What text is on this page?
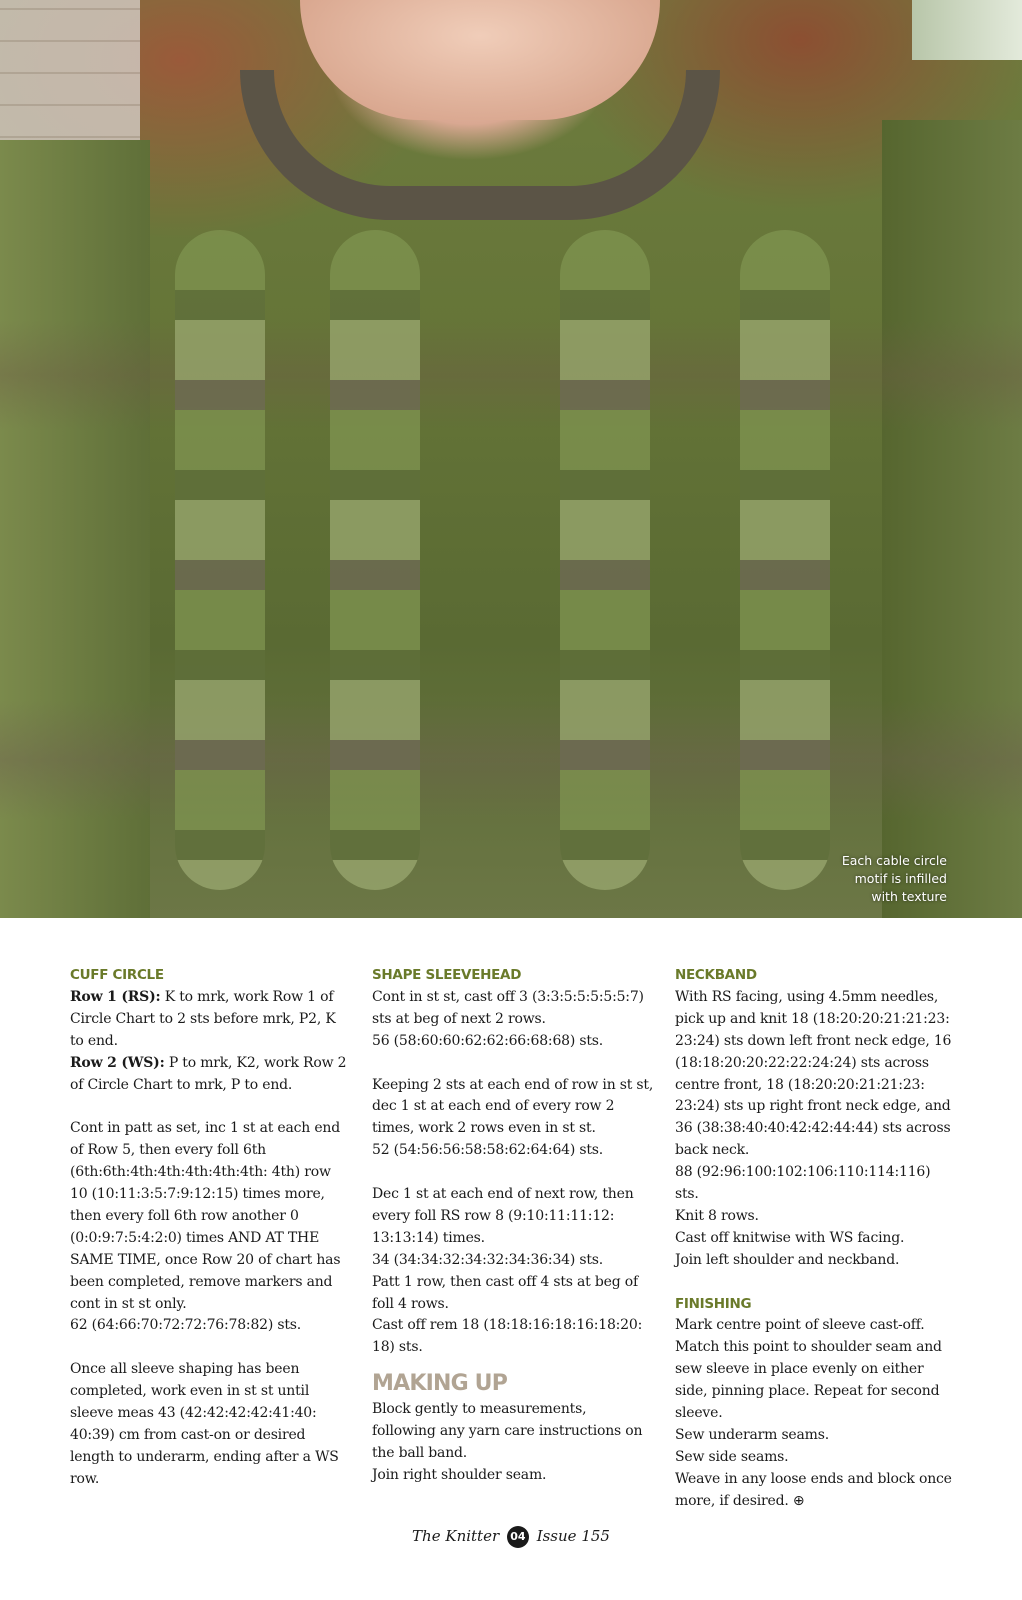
Each cable circle
motif is infilled
with texture

CUFF CIRCLE

Row 1 (RS): K to mrk, work Row 1 of Circle Chart to 2 sts before mrk, P2, K to end.

Row 2 (WS): P to mrk, K2, work Row 2 of Circle Chart to mrk, P to end.

Cont in patt as set, inc 1 st at each end of Row 5, then every foll 6th (6th:6th:4th:4th:4th:4th:4th: 4th) row 10 (10:11:3:5:7:9:12:15) times more, then every foll 6th row another 0 (0:0:9:7:5:4:2:0) times AND AT THE SAME TIME, once Row 20 of chart has been completed, remove markers and cont in st st only.
62 (64:66:70:72:72:76:78:82) sts.

Once all sleeve shaping has been completed, work even in st st until sleeve meas 43 (42:42:42:42:41:40: 40:39) cm from cast-on or desired length to underarm, ending after a WS row.

SHAPE SLEEVEHEAD

Cont in st st, cast off 3 (3:3:5:5:5:5:5:7) sts at beg of next 2 rows.
56 (58:60:60:62:62:66:68:68) sts.

Keeping 2 sts at each end of row in st st, dec 1 st at each end of every row 2 times, work 2 rows even in st st.
52 (54:56:56:58:58:62:64:64) sts.

Dec 1 st at each end of next row, then every foll RS row 8 (9:10:11:11:12: 13:13:14) times.
34 (34:34:32:34:32:34:36:34) sts.
Patt 1 row, then cast off 4 sts at beg of foll 4 rows.
Cast off rem 18 (18:18:16:18:16:18:20: 18) sts.

MAKING UP

Block gently to measurements, following any yarn care instructions on the ball band.
Join right shoulder seam.

NECKBAND

With RS facing, using 4.5mm needles, pick up and knit 18 (18:20:20:21:21:23: 23:24) sts down left front neck edge, 16 (18:18:20:20:22:22:24:24) sts across centre front, 18 (18:20:20:21:21:23: 23:24) sts up right front neck edge, and 36 (38:38:40:40:42:42:44:44) sts across back neck.
88 (92:96:100:102:106:110:114:116) sts.
Knit 8 rows.
Cast off knitwise with WS facing.
Join left shoulder and neckband.

FINISHING

Mark centre point of sleeve cast-off. Match this point to shoulder seam and sew sleeve in place evenly on either side, pinning place. Repeat for second sleeve.
Sew underarm seams.
Sew side seams.
Weave in any loose ends and block once more, if desired. ⊕

The Knitter 04 Issue 155
